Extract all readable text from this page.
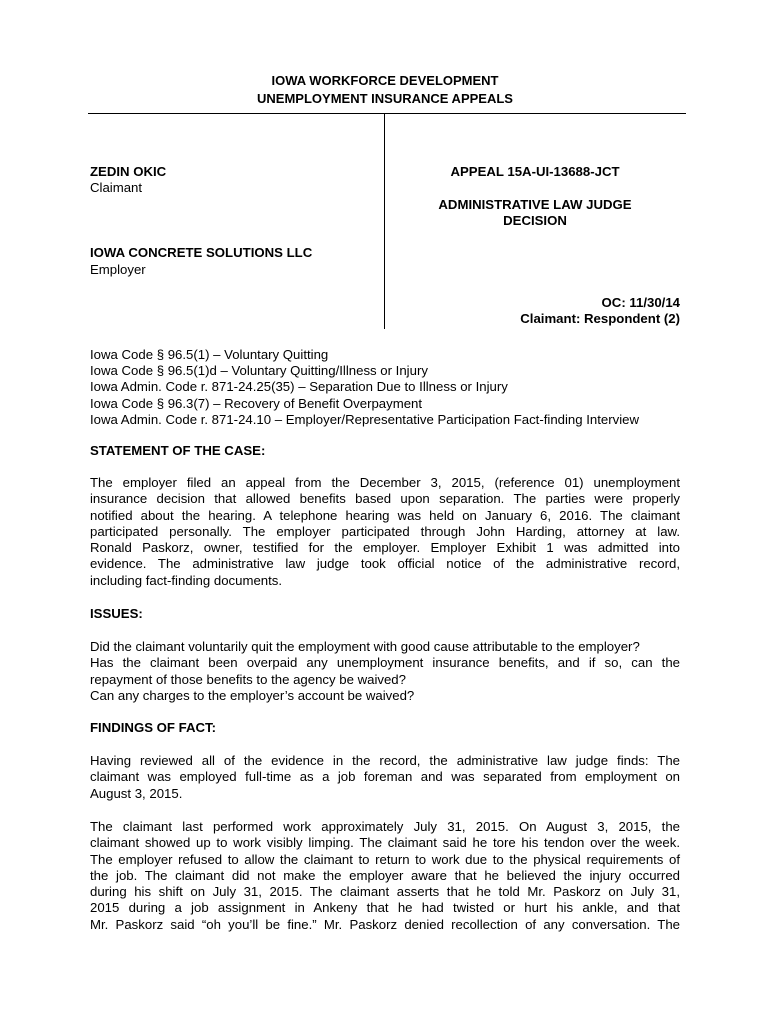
IOWA WORKFORCE DEVELOPMENT
UNEMPLOYMENT INSURANCE APPEALS
ZEDIN OKIC
Claimant
IOWA CONCRETE SOLUTIONS LLC
Employer
APPEAL 15A-UI-13688-JCT
ADMINISTRATIVE LAW JUDGE
DECISION
OC: 11/30/14
Claimant: Respondent (2)
Iowa Code § 96.5(1) – Voluntary Quitting
Iowa Code § 96.5(1)d – Voluntary Quitting/Illness or Injury
Iowa Admin. Code r. 871-24.25(35) – Separation Due to Illness or Injury
Iowa Code § 96.3(7) – Recovery of Benefit Overpayment
Iowa Admin. Code r. 871-24.10 – Employer/Representative Participation Fact-finding Interview
STATEMENT OF THE CASE:
The employer filed an appeal from the December 3, 2015, (reference 01) unemployment
insurance decision that allowed benefits based upon separation. The parties were properly
notified about the hearing. A telephone hearing was held on January 6, 2016. The claimant
participated personally. The employer participated through John Harding, attorney at law.
Ronald Paskorz, owner, testified for the employer. Employer Exhibit 1 was admitted into
evidence. The administrative law judge took official notice of the administrative record,
including fact-finding documents.
ISSUES:
Did the claimant voluntarily quit the employment with good cause attributable to the employer?
Has the claimant been overpaid any unemployment insurance benefits, and if so, can the
repayment of those benefits to the agency be waived?
Can any charges to the employer’s account be waived?
FINDINGS OF FACT:
Having reviewed all of the evidence in the record, the administrative law judge finds: The
claimant was employed full-time as a job foreman and was separated from employment on
August 3, 2015.
The claimant last performed work approximately July 31, 2015. On August 3, 2015, the
claimant showed up to work visibly limping. The claimant said he tore his tendon over the week.
The employer refused to allow the claimant to return to work due to the physical requirements of
the job. The claimant did not make the employer aware that he believed the injury occurred
during his shift on July 31, 2015. The claimant asserts that he told Mr. Paskorz on July 31,
2015 during a job assignment in Ankeny that he had twisted or hurt his ankle, and that
Mr. Paskorz said “oh you’ll be fine.” Mr. Paskorz denied recollection of any conversation. The
